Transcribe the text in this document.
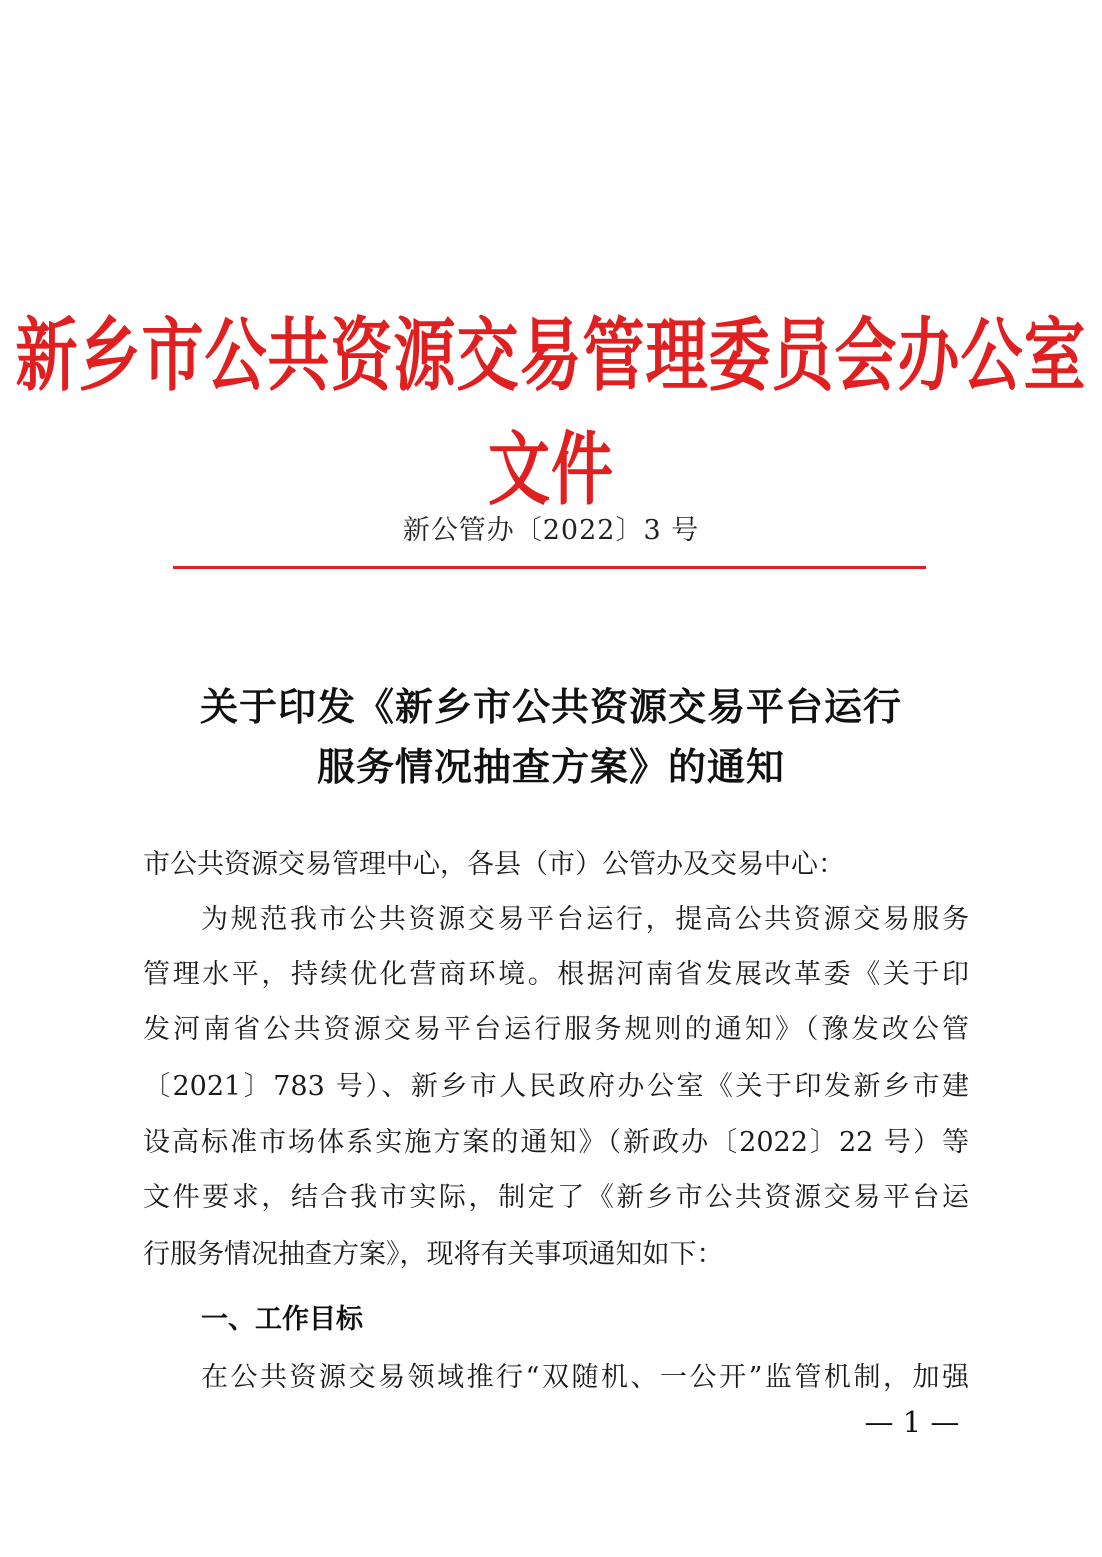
新乡市公共资源交易管理委员会办公室文件
新公管办〔2022〕3 号
关于印发《新乡市公共资源交易平台运行
服务情况抽查方案》的通知
市公共资源交易管理中心，各县（市）公管办及交易中心：
为规范我市公共资源交易平台运行，提高公共资源交易服务
管理水平，持续优化营商环境。根据河南省发展改革委《关于印
发河南省公共资源交易平台运行服务规则的通知》（豫发改公管
〔2021〕783 号）、新乡市人民政府办公室《关于印发新乡市建
设高标准市场体系实施方案的通知》（新政办〔2022〕22 号）等
文件要求，结合我市实际，制定了《新乡市公共资源交易平台运
行服务情况抽查方案》，现将有关事项通知如下：
一、工作目标
在公共资源交易领域推行“双随机、一公开”监管机制，加强
— 1 —
